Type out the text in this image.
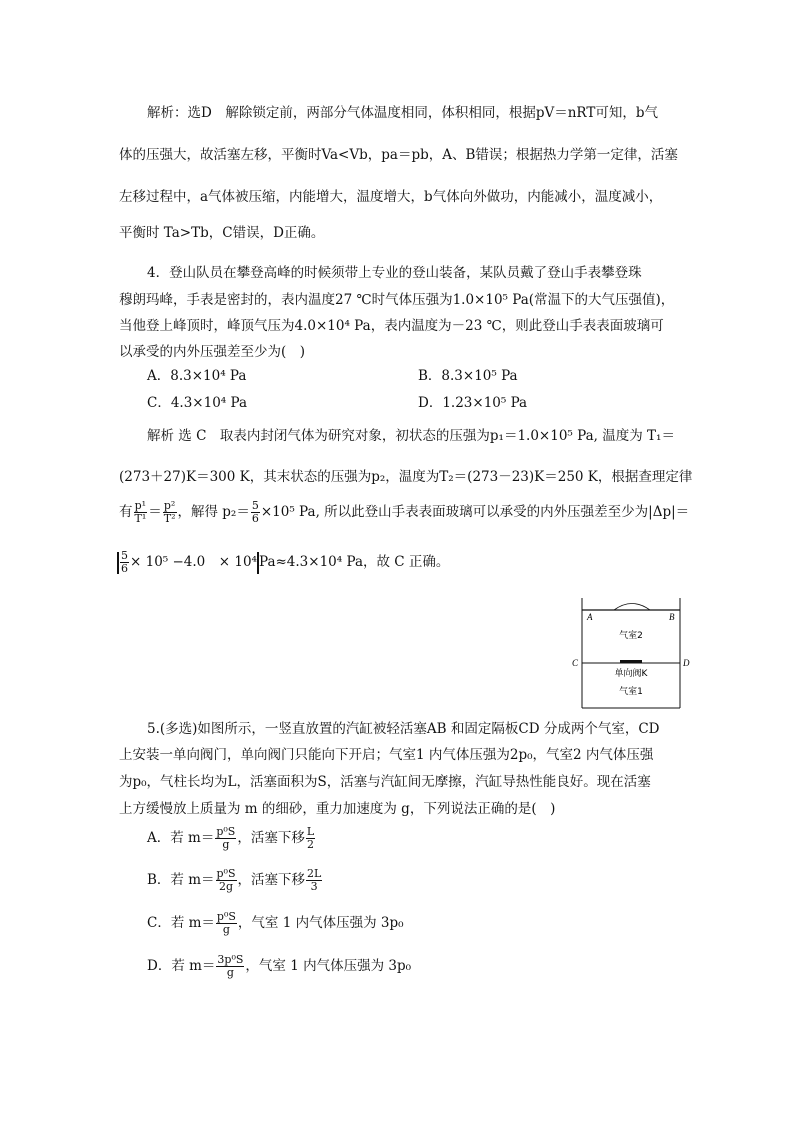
解析：选D　解除锁定前，两部分气体温度相同，体积相同，根据pV＝nRT可知，b气
体的压强大，故活塞左移，平衡时Va<Vb，pa＝pb，A、B错误；根据热力学第一定律，活塞
左移过程中，a气体被压缩，内能增大，温度增大，b气体向外做功，内能减小，温度减小，
平衡时 Ta>Tb，C错误，D正确。
4．登山队员在攀登高峰的时候须带上专业的登山装备，某队员戴了登山手表攀登珠
穆朗玛峰，手表是密封的，表内温度27 ℃时气体压强为1.0×10⁵ Pa(常温下的大气压强值)，
当他登上峰顶时，峰顶气压为4.0×10⁴ Pa，表内温度为－23 ℃，则此登山手表表面玻璃可
以承受的内外压强差至少为(　)
A．8.3×10⁴ Pa	B．8.3×10⁵ Pa
C．4.3×10⁴ Pa	D．1.23×10⁵ Pa
解析 选 C　取表内封闭气体为研究对象，初状态的压强为p₁＝1.0×10⁵ Pa, 温度为 T₁＝
(273＋27)K＝300 K，其末状态的压强为p₂，温度为T₂＝(273－23)K＝250 K，根据查理定律
有 $\frac{\text{p¹}}{\text{T¹}} = \frac{\text{p²}}{\text{T²}}$ ，解得 $p_2= \frac{5}{6} \times 10^5$ Pa, 所以此登山手表表面玻璃可以承受的内外压强差至少为|Δp|＝
$\frac{5}{6} \times 10^5 -4.0$　× 10⁴ Pa≈4.3×10⁴ Pa，故 C 正确。
A	B
C	D
气室2
单向阀K
气室1
5.(多选)如图所示，一竖直放置的汽缸被轻活塞AB 和固定隔板CD 分成两个气室，CD
上安装一单向阀门，单向阀门只能向下开启；气室1 内气体压强为2p₀，气室2 内气体压强
为p₀，气柱长均为L，活塞面积为S，活塞与汽缸间无摩擦，汽缸导热性能良好。现在活塞
上方缓慢放上质量为 m 的细砂，重力加速度为 g，下列说法正确的是(　)
A．若 $m= \frac{\text{p⁰S}}{g}$ ，活塞下移 $\frac{L}{2}$
B．若 $m= \frac{\text{p⁰S}}{2g}$ ，活塞下移 $\frac{2L}{3}$
C．若 $m= \frac{\text{p⁰S}}{g}$ ，气室 1 内气体压强为 3p₀
D．若 $m= \frac{\text{3p⁰S}}{g}$ ，气室 1 内气体压强为 3p₀
